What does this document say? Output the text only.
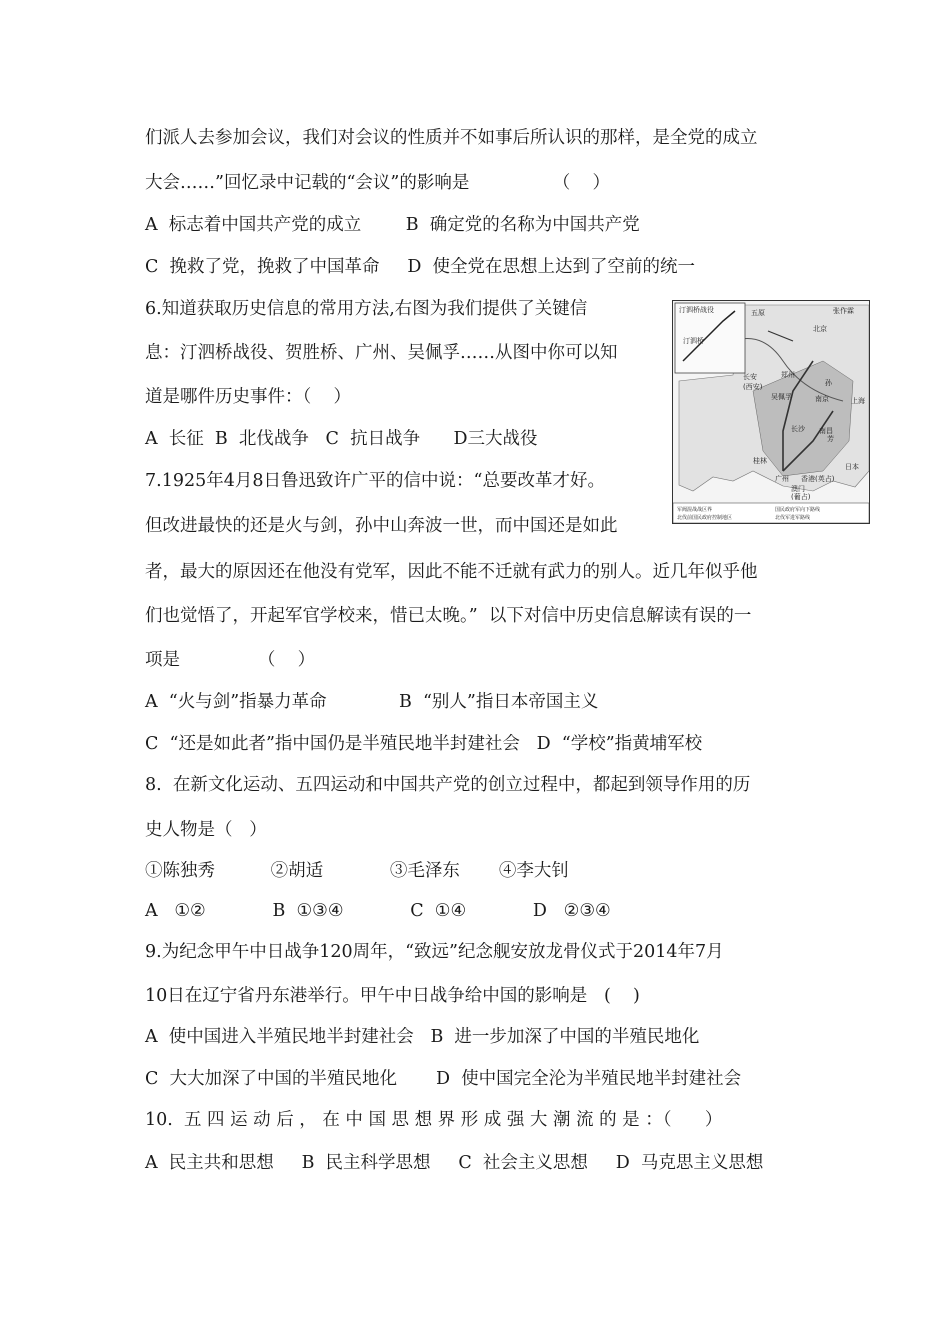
们派人去参加会议，我们对会议的性质并不如事后所认识的那样，是全党的成立
大会……”回忆录中记载的“会议”的影响是               （    ）
A  标志着中国共产党的成立        B  确定党的名称为中国共产党
C  挽救了党，挽救了中国革命     D  使全党在思想上达到了空前的统一
6.知道获取历史信息的常用方法,右图为我们提供了关键信
息：汀泗桥战役、贺胜桥、广州、吴佩孚……从图中你可以知
道是哪件历史事件：（    ）
A  长征  B  北伐战争   C  抗日战争      D三大战役
7.1925年4月8日鲁迅致许广平的信中说：“总要改革才好。
但改进最快的还是火与剑，孙中山奔波一世，而中国还是如此
者，最大的原因还在他没有党军，因此不能不迁就有武力的别人。近几年似乎他
们也觉悟了，开起军官学校来，惜已太晚。”  以下对信中历史信息解读有误的一
项是              （    ）
A  “火与剑”指暴力革命             B  “别人”指日本帝国主义
C  “还是如此者”指中国仍是半殖民地半封建社会   D  “学校”指黄埔军校
8.  在新文化运动、五四运动和中国共产党的创立过程中，都起到领导作用的历
史人物是（   ）
①陈独秀          ②胡适            ③毛泽东       ④李大钊
A   ①②            B  ①③④            C  ①④            D   ②③④
9.为纪念甲午中日战争120周年，“致远”纪念舰安放龙骨仪式于2014年7月
10日在辽宁省丹东港举行。甲午中日战争给中国的影响是   (    )
A  使中国进入半殖民地半封建社会   B  进一步加深了中国的半殖民地化
C  大大加深了中国的半殖民地化       D  使中国完全沦为半殖民地半封建社会
10.  五 四 运 动 后 ， 在 中 国 思 想 界 形 成 强 大 潮 流 的 是 ：（      ）
A  民主共和思想     B  民主科学思想     C  社会主义思想     D  马克思主义思想
汀泗桥战役
汀泗桥
五原	张作霖
北京
长安
(西安)
郑州
吴佩孚
孙
南京	上海
长沙 南昌
芳
桂林
广州 香港(英占)
澳门
(葡占)
日本
军阀混战战区界	国民政府军向下路线
北伐前国民政府控制地区	北伐军进军路线
